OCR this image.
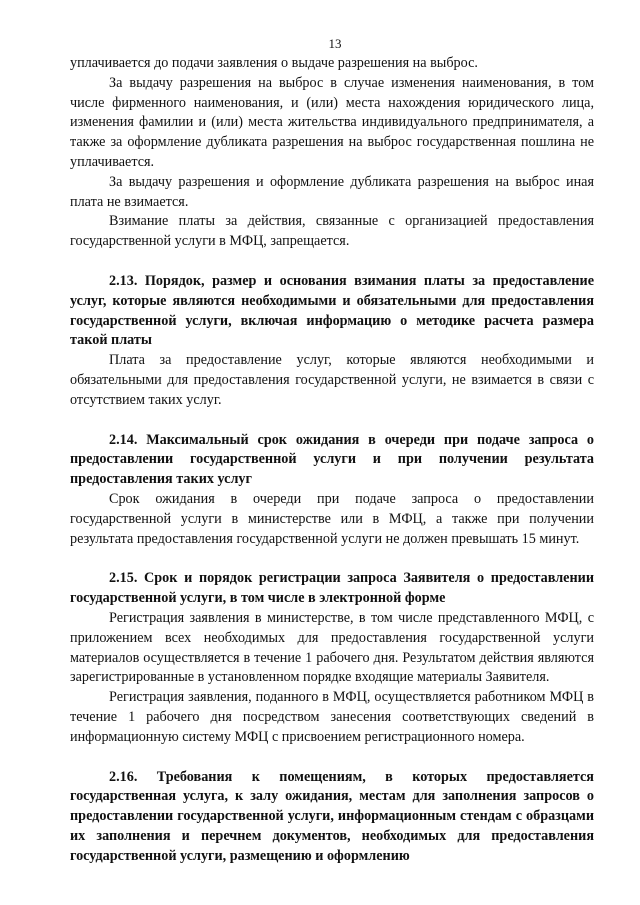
13

уплачивается до подачи заявления о выдаче разрешения на выброс.

За выдачу разрешения на выброс в случае изменения наименования, в том числе фирменного наименования, и (или) места нахождения юридического лица, изменения фамилии и (или) места жительства индивидуального предпринимателя, а также за оформление дубликата разрешения на выброс государственная пошлина не уплачивается.

За выдачу разрешения и оформление дубликата разрешения на выброс иная плата не взимается.

Взимание платы за действия, связанные с организацией предоставления государственной услуги в МФЦ, запрещается.

2.13. Порядок, размер и основания взимания платы за предоставление услуг, которые являются необходимыми и обязательными для предоставления государственной услуги, включая информацию о методике расчета размера такой платы

Плата за предоставление услуг, которые являются необходимыми и обязательными для предоставления государственной услуги, не взимается в связи с отсутствием таких услуг.

2.14. Максимальный срок ожидания в очереди при подаче запроса о предоставлении государственной услуги и при получении результата предоставления таких услуг

Срок ожидания в очереди при подаче запроса о предоставлении государственной услуги в министерстве или в МФЦ, а также при получении результата предоставления государственной услуги не должен превышать 15 минут.

2.15. Срок и порядок регистрации запроса Заявителя о предоставлении государственной услуги, в том числе в электронной форме

Регистрация заявления в министерстве, в том числе представленного МФЦ, с приложением всех необходимых для предоставления государственной услуги материалов осуществляется в течение 1 рабочего дня. Результатом действия являются зарегистрированные в установленном порядке входящие материалы Заявителя.

Регистрация заявления, поданного в МФЦ, осуществляется работником МФЦ в течение 1 рабочего дня посредством занесения соответствующих сведений в информационную систему МФЦ с присвоением регистрационного номера.

2.16. Требования к помещениям, в которых предоставляется государственная услуга, к залу ожидания, местам для заполнения запросов о предоставлении государственной услуги, информационным стендам с образцами их заполнения и перечнем документов, необходимых для предоставления государственной услуги, размещению и оформлению
